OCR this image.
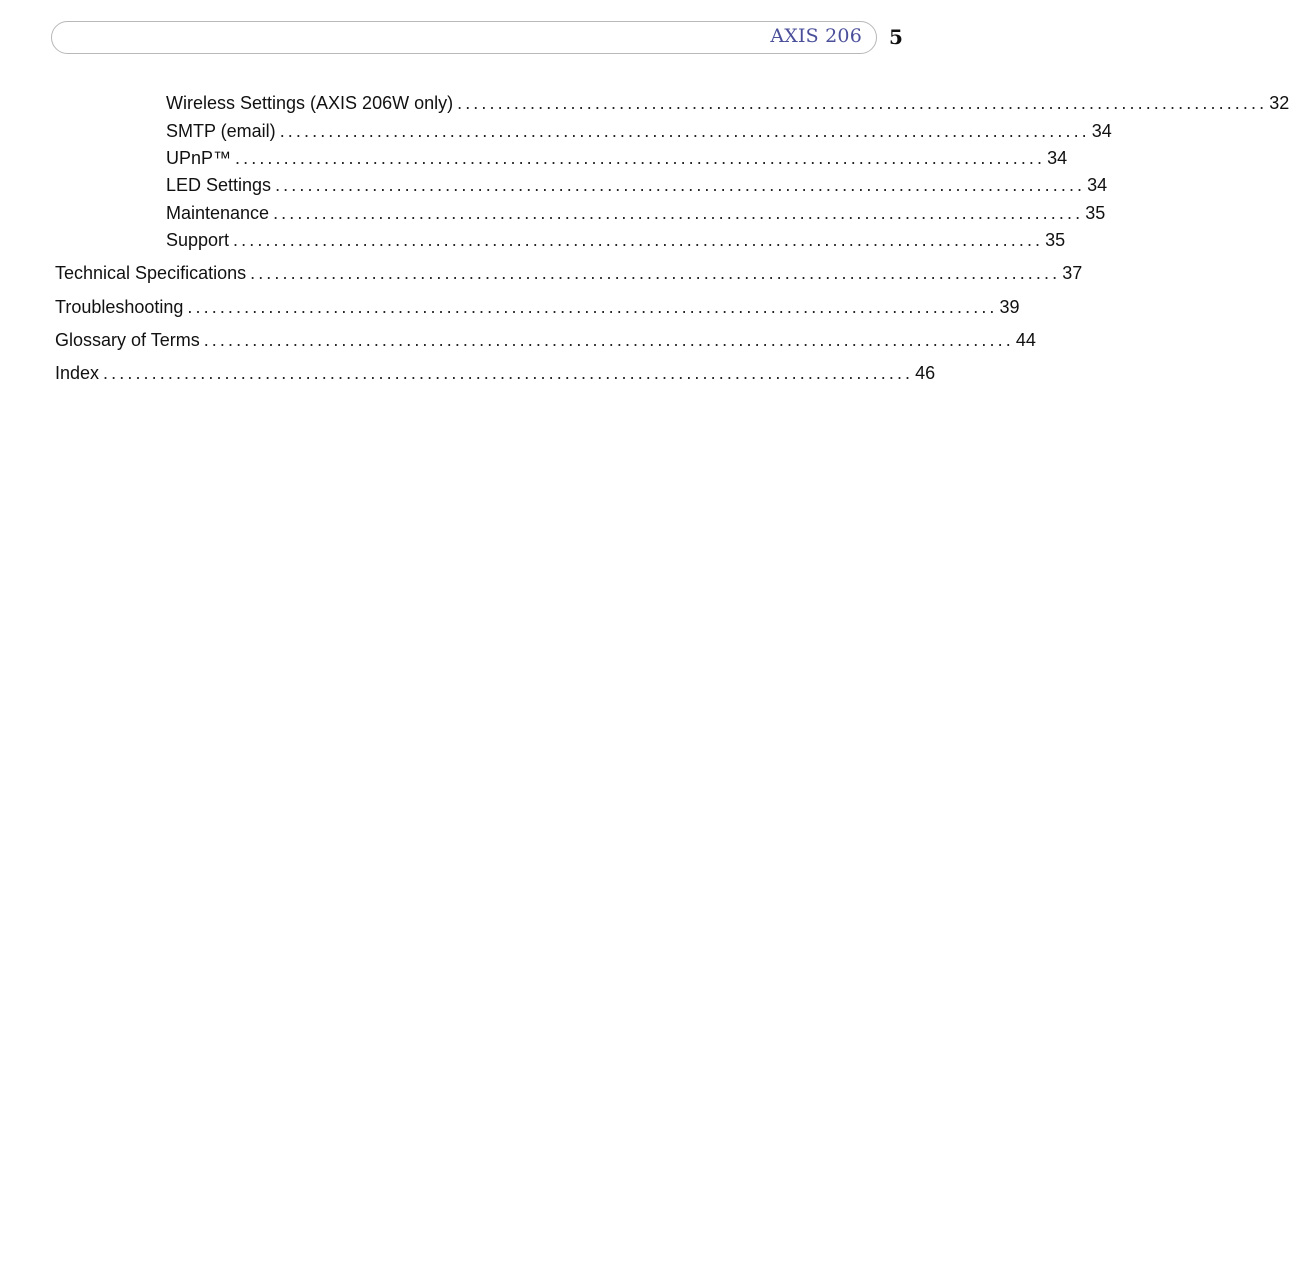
AXIS 206 5
Wireless Settings (AXIS 206W only) .................................................................................................... 32
SMTP (email) .................................................................................................... 34
UPnP™ .................................................................................................... 34
LED Settings .................................................................................................... 34
Maintenance .................................................................................................... 35
Support .................................................................................................... 35
Technical Specifications .................................................................................................... 37
Troubleshooting .................................................................................................... 39
Glossary of Terms .................................................................................................... 44
Index .................................................................................................... 46
